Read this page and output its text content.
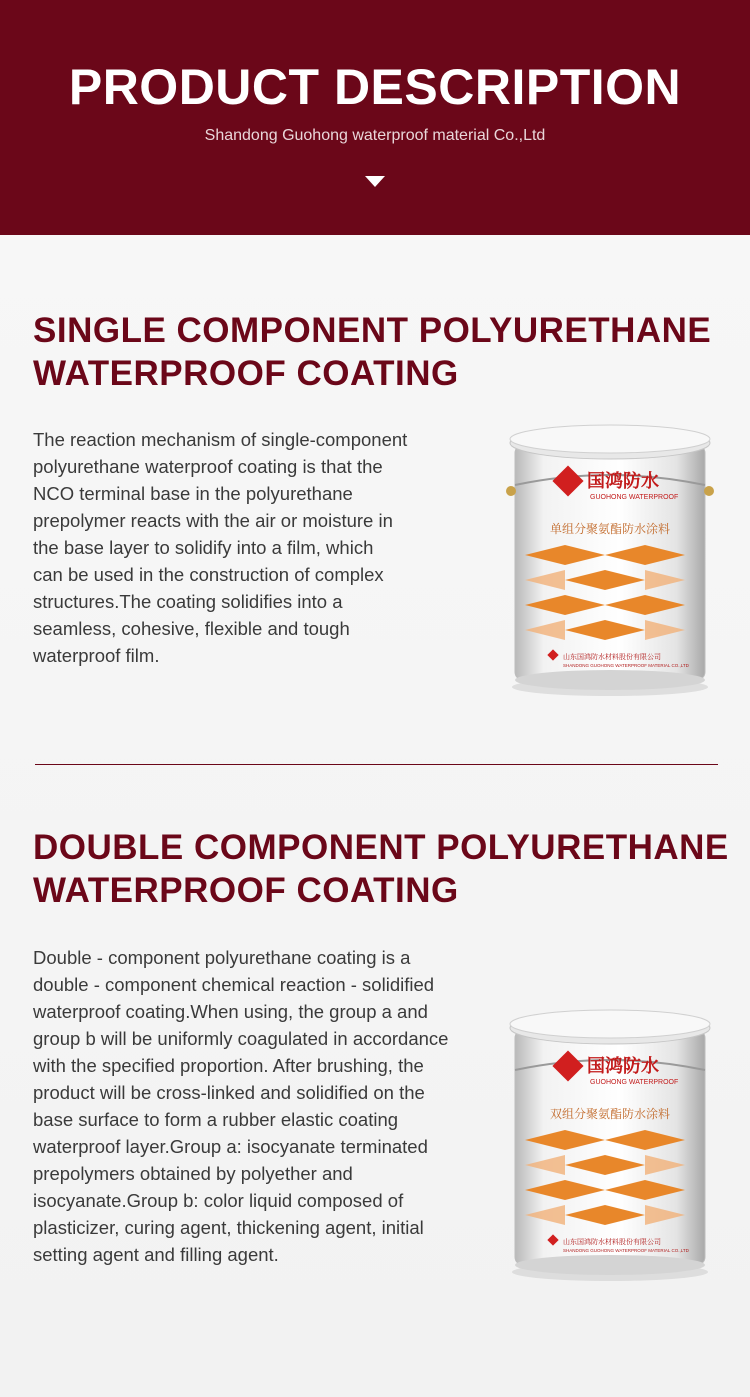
PRODUCT DESCRIPTION
Shandong Guohong waterproof material Co.,Ltd
SINGLE COMPONENT POLYURETHANE
WATERPROOF COATING
The reaction mechanism of single-component
polyurethane waterproof coating is that the
NCO terminal base in the polyurethane
prepolymer reacts with the air or moisture in
the base layer to solidify into a film, which
can be used in the construction of complex
structures.The coating solidifies into a
seamless, cohesive, flexible and tough
waterproof film.
国鸿防水
GUOHONG WATERPROOF
单组分聚氨酯防水涂料
山东国鸿防水材料股份有限公司
SHANDONG GUOHONG WATERPROOF MATERIAL CO.,LTD
DOUBLE COMPONENT POLYURETHANE
WATERPROOF COATING
Double - component polyurethane coating is a
double - component chemical reaction - solidified
waterproof coating.When using, the group a and
group b will be uniformly coagulated in accordance
with the specified proportion. After brushing, the
product will be cross-linked and solidified on the
base surface to form a rubber elastic coating
waterproof layer.Group a: isocyanate terminated
prepolymers obtained by polyether and
isocyanate.Group b: color liquid composed of
plasticizer, curing agent, thickening agent, initial
setting agent and filling agent.
国鸿防水
GUOHONG WATERPROOF
双组分聚氨酯防水涂料
山东国鸿防水材料股份有限公司
SHANDONG GUOHONG WATERPROOF MATERIAL CO.,LTD
